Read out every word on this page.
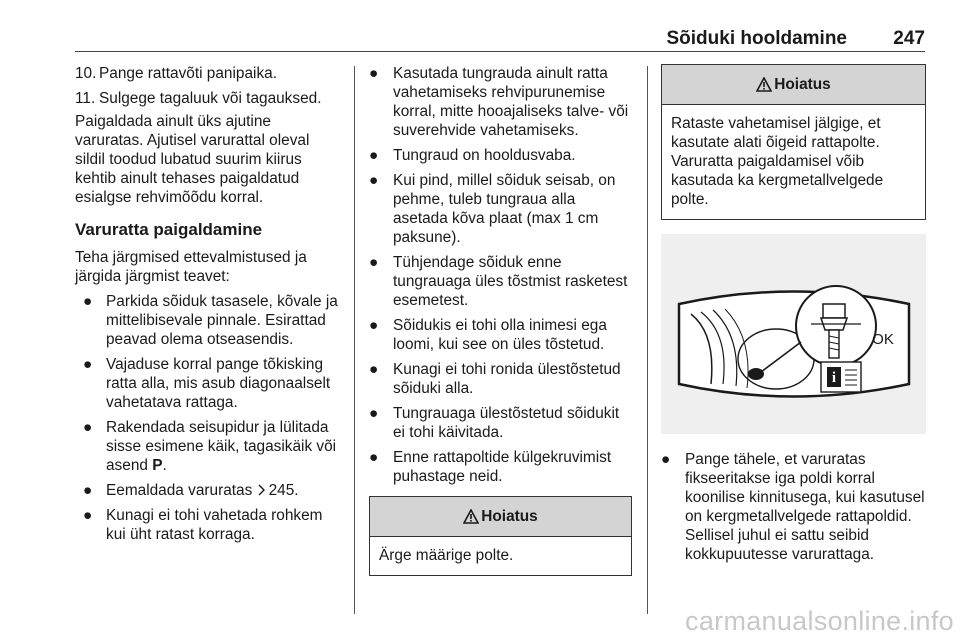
Sõiduki hooldamine 247
10. Pange rattavõti panipaika.
11. Sulgege tagaluuk või tagauksed.

Paigaldada ainult üks ajutine varuratas. Ajutisel varurattal oleval sildil toodud lubatud suurim kiirus kehtib ainult tehases paigaldatud esialgse rehvimõõdu korral.

Varuratta paigaldamine

Teha järgmised ettevalmistused ja järgida järgmist teavet:

● Parkida sõiduk tasasele, kõvale ja mittelibisevale pinnale. Esirattad peavad olema otseasendis.
● Vajaduse korral pange tõkisking ratta alla, mis asub diagonaalselt vahetatava rattaga.
● Rakendada seisupidur ja lülitada sisse esimene käik, tagasikäik või asend P.
● Eemaldada varuratas 245.
● Kunagi ei tohi vahetada rohkem kui üht ratast korraga.
● Kasutada tungrauda ainult ratta vahetamiseks rehvipurunemise korral, mitte hooajaliseks talve- või suverehvide vahetamiseks.
● Tungraud on hooldusvaba.
● Kui pind, millel sõiduk seisab, on pehme, tuleb tungraua alla asetada kõva plaat (max 1 cm paksune).
● Tühjendage sõiduk enne tungrauaga üles tõstmist rasketest esemetest.
● Sõidukis ei tohi olla inimesi ega loomi, kui see on üles tõstetud.
● Kunagi ei tohi ronida ülestõstetud sõiduki alla.
● Tungrauaga ülestõstetud sõidukit ei tohi käivitada.
● Enne rattapoltide külgekruvimist puhastage neid.
Hoiatus
Ärge määrige polte.
Hoiatus
Rataste vahetamisel jälgige, et kasutate alati õigeid rattapolte. Varuratta paigaldamisel võib kasutada ka kergmetallvelgede polte.
i
OK
● Pange tähele, et varuratas fikseeritakse iga poldi korral koonilise kinnitusega, kui kasutusel on kergmetallvelgede rattapoldid. Sellisel juhul ei sattu seibid kokkupuutesse varurattaga.
carmanualsonline.info
